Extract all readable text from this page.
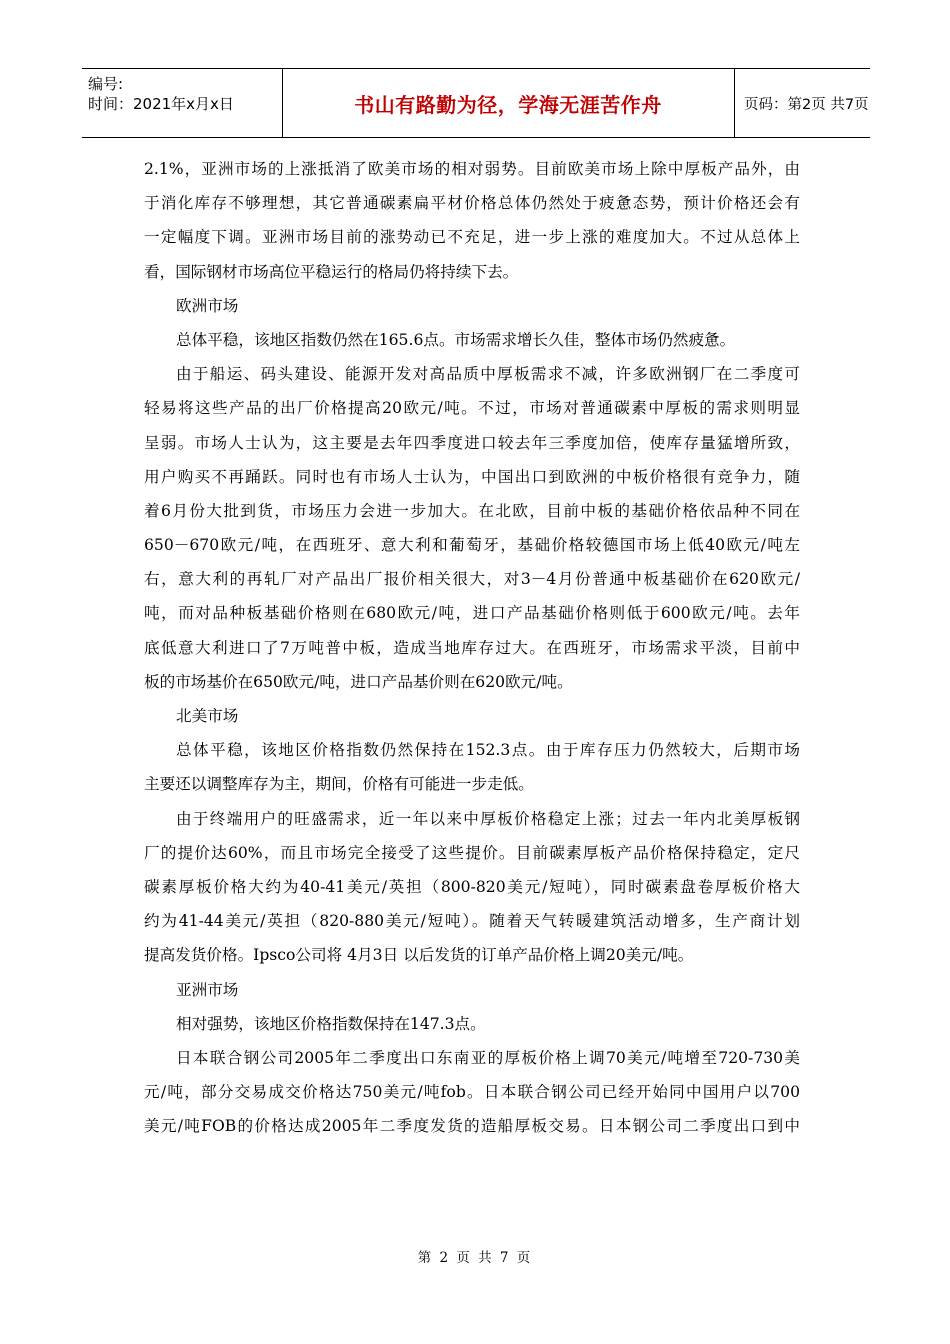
编号:
时间：2021年x月x日	书山有路勤为径，学海无涯苦作舟	页码：第2页 共7页
2.1%，亚洲市场的上涨抵消了欧美市场的相对弱势。目前欧美市场上除中厚板产品外，由
于消化库存不够理想，其它普通碳素扁平材价格总体仍然处于疲惫态势，预计价格还会有
一定幅度下调。亚洲市场目前的涨势动已不充足，进一步上涨的难度加大。不过从总体上
看，国际钢材市场高位平稳运行的格局仍将持续下去。
欧洲市场
总体平稳，该地区指数仍然在165.6点。市场需求增长久佳，整体市场仍然疲惫。
由于船运、码头建设、能源开发对高品质中厚板需求不减，许多欧洲钢厂在二季度可
轻易将这些产品的出厂价格提高20欧元/吨。不过，市场对普通碳素中厚板的需求则明显
呈弱。市场人士认为，这主要是去年四季度进口较去年三季度加倍，使库存量猛增所致，
用户购买不再踊跃。同时也有市场人士认为，中国出口到欧洲的中板价格很有竞争力，随
着6月份大批到货，市场压力会进一步加大。在北欧，目前中板的基础价格依品种不同在
650－670欧元/吨，在西班牙、意大利和葡萄牙，基础价格较德国市场上低40欧元/吨左
右，意大利的再轧厂对产品出厂报价相关很大，对3－4月份普通中板基础价在620欧元/
吨，而对品种板基础价格则在680欧元/吨，进口产品基础价格则低于600欧元/吨。去年
底低意大利进口了7万吨普中板，造成当地库存过大。在西班牙，市场需求平淡，目前中
板的市场基价在650欧元/吨，进口产品基价则在620欧元/吨。
北美市场
总体平稳，该地区价格指数仍然保持在152.3点。由于库存压力仍然较大，后期市场
主要还以调整库存为主，期间，价格有可能进一步走低。
由于终端用户的旺盛需求，近一年以来中厚板价格稳定上涨；过去一年内北美厚板钢
厂的提价达60%，而且市场完全接受了这些提价。目前碳素厚板产品价格保持稳定，定尺
碳素厚板价格大约为40-41美元/英担（800-820美元/短吨），同时碳素盘卷厚板价格大
约为41-44美元/英担（820-880美元/短吨）。随着天气转暖建筑活动增多，生产商计划
提高发货价格。Ipsco公司将 4月3日 以后发货的订单产品价格上调20美元/吨。
亚洲市场
相对强势，该地区价格指数保持在147.3点。
日本联合钢公司2005年二季度出口东南亚的厚板价格上调70美元/吨增至720-730美
元/吨，部分交易成交价格达750美元/吨fob。日本联合钢公司已经开始同中国用户以700
美元/吨FOB的价格达成2005年二季度发货的造船厚板交易。日本钢公司二季度出口到中
第 2 页 共 7 页
